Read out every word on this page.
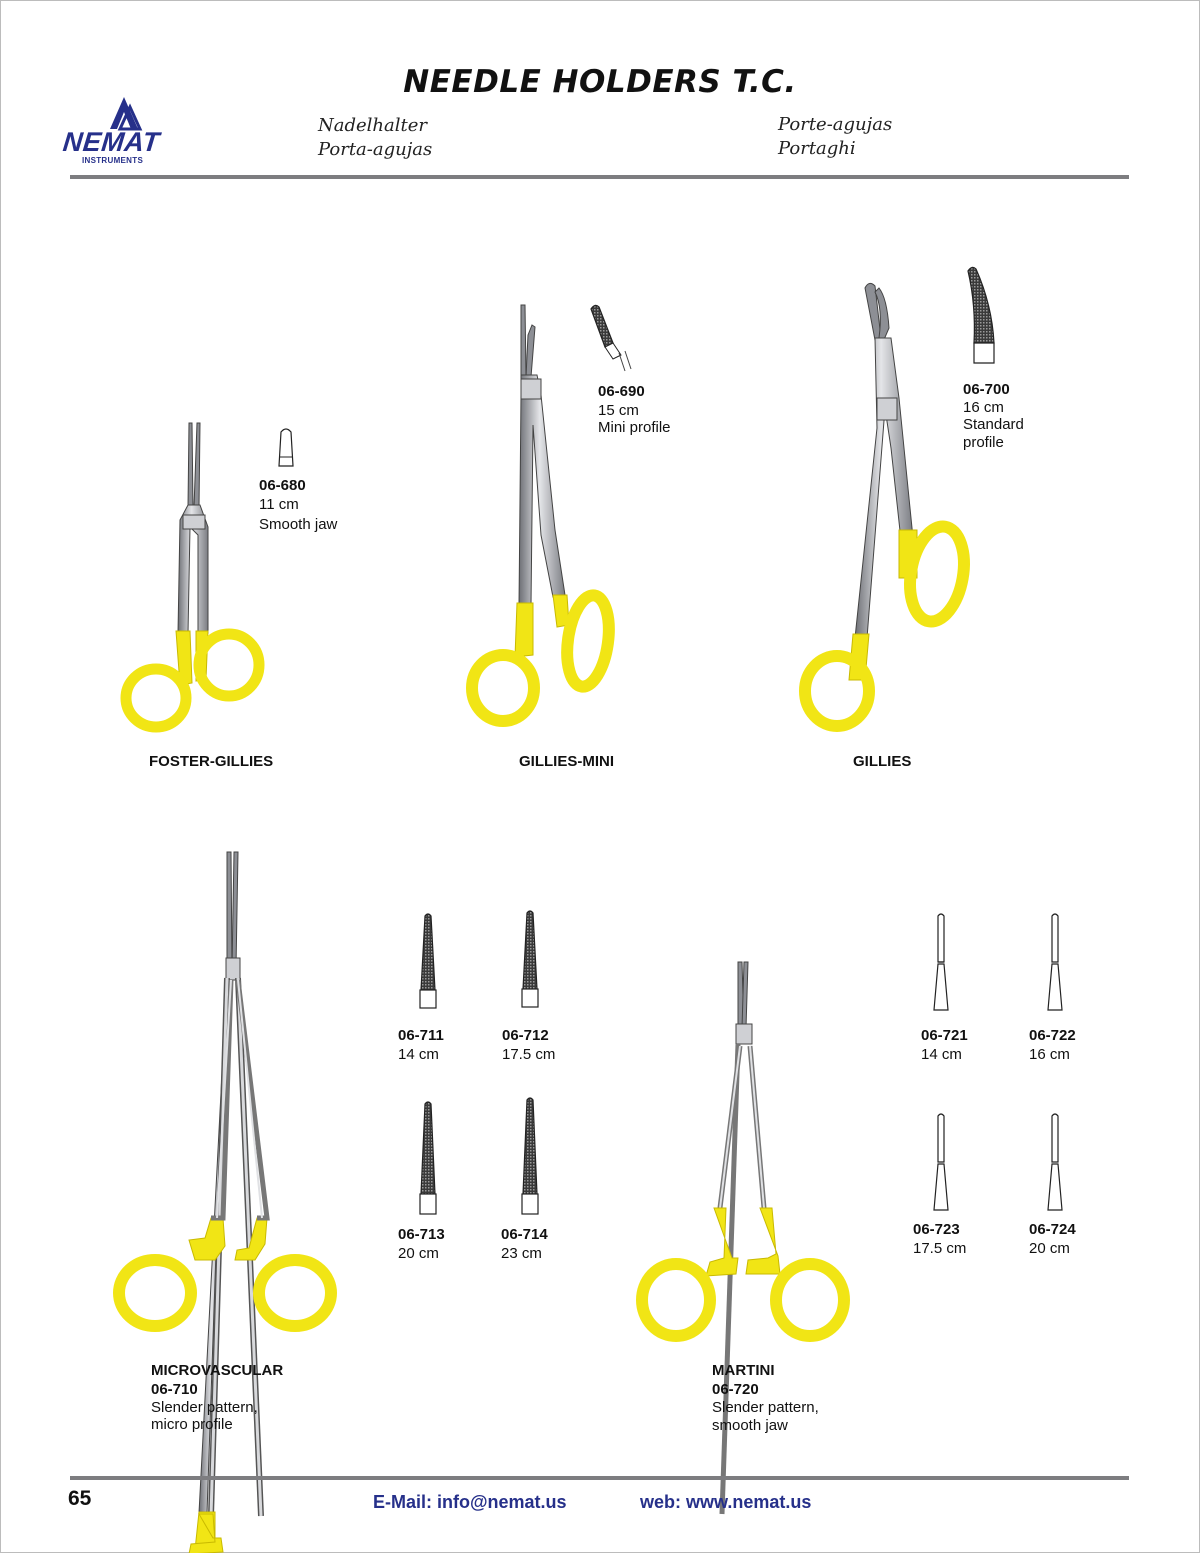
NEMAT
INSTRUMENTS
NEEDLE HOLDERS T.C.
Nadelhalter
Porta-agujas
Porte-agujas
Portaghi
06-680
11 cm
Smooth jaw
FOSTER-GILLIES
06-690
15 cm
Mini profile
GILLIES-MINI
06-700
16 cm
Standard
profile
GILLIES
MICROVASCULAR
06-710
Slender pattern,
micro profile
06-711
14 cm
06-712
17.5 cm
06-713
20 cm
06-714
23 cm
MARTINI
06-720
Slender pattern,
smooth jaw
06-721
14 cm
06-722
16 cm
06-723
17.5 cm
06-724
20 cm
65	E-Mail: info@nemat.us	web: www.nemat.us
